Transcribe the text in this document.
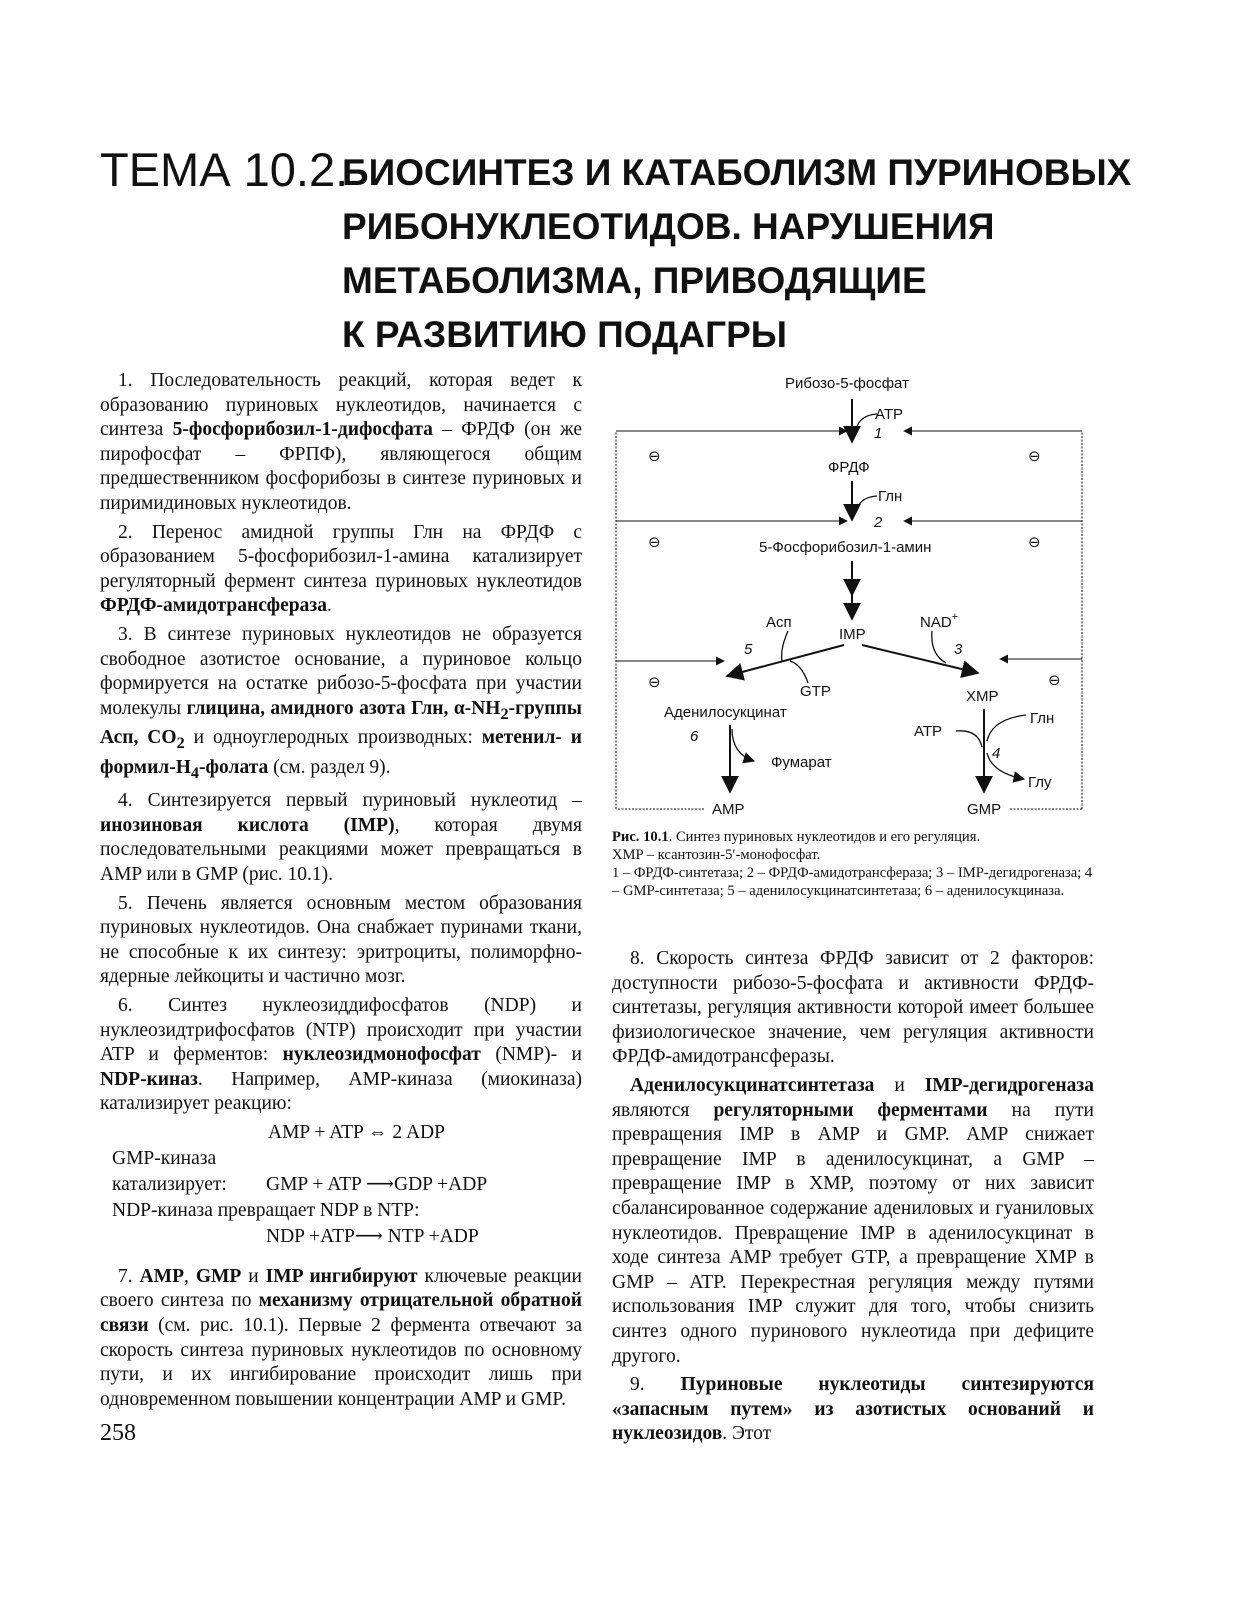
ТЕМА 10.2.
БИОСИНТЕЗ И КАТАБОЛИЗМ ПУРИНОВЫХ
РИБОНУКЛЕОТИДОВ. НАРУШЕНИЯ
МЕТАБОЛИЗМА, ПРИВОДЯЩИЕ
К РАЗВИТИЮ ПОДАГРЫ

1. Последовательность реакций, которая ведет к образованию пуриновых нуклеотидов, начинается с синтеза 5-фосфорибозил-1-дифосфата – ФРДФ (он же пирофосфат – ФРПФ), являющегося общим предшественником фосфорибозы в синтезе пуриновых и пиримидиновых нуклеотидов.

2. Перенос амидной группы Глн на ФРДФ с образованием 5-фосфорибозил-1-амина катализирует регуляторный фермент синтеза пуриновых нуклеотидов ФРДФ-амидотрансфераза.

3. В синтезе пуриновых нуклеотидов не образуется свободное азотистое основание, а пуриновое кольцо формируется на остатке рибозо-5-фосфата при участии молекулы глицина, амидного азота Глн, $\alpha-NH_2$-группы Асп, $СО_2$ и одноуглеродных производных: метенил- и формил-$Н_4$-фолата (см. раздел 9).

4. Синтезируется первый пуриновый нуклеотид – инозиновая кислота (IMP), которая двумя последовательными реакциями может превращаться в AMP или в GMP (рис. 10.1).

5. Печень является основным местом образования пуриновых нуклеотидов. Она снабжает пуринами ткани, не способные к их синтезу: эритроциты, полиморфно-ядерные лейкоциты и частично мозг.

6. Синтез нуклеозиддифосфатов (NDP) и нуклеозидтрифосфатов (NTP) происходит при участии ATP и ферментов: нуклеозидмонофосфат (NMP)- и NDP-киназ. Например, AMP-киназа (миокиназа) катализирует реакцию:

AMP + ATP ⇔ 2 ADP
GMP-киназа
катализирует: GMP + ATP ⟶GDP +ADP
NDP-киназа превращает NDP в NTP:
NDP +ATP⟶ NTP +ADP

7. AMP, GMP и IMP ингибируют ключевые реакции своего синтеза по механизму отрицательной обратной связи (см. рис. 10.1). Первые 2 фермента отвечают за скорость синтеза пуриновых нуклеотидов по основному пути, и их ингибирование происходит лишь при одновременном повышении концентрации AMP и GMP.

Рибозо-5-фосфат
ATP
1
ФРДФ
Глн
2
5-Фосфорибозил-1-амин
IMP
Асп	NAD+
5	3
GTP	XMP
Аденилосукцинат
6
Фумарат
ATP
Глн
4
Глу
AMP	GMP
⊖	⊖
⊖	⊖
⊖	⊖
Рис. 10.1. Синтез пуриновых нуклеотидов и его регуляция.
XMP – ксантозин-5′-монофосфат.
1 – ФРДФ-синтетаза; 2 – ФРДФ-амидотрансфераза; 3 – IMP-дегидрогеназа; 4 – GMP-синтетаза; 5 – аденилосукцинатсинтетаза; 6 – аденилосукциназа.

8. Скорость синтеза ФРДФ зависит от 2 факторов: доступности рибозо-5-фосфата и активности ФРДФ-синтетазы, регуляция активности которой имеет большее физиологическое значение, чем регуляция активности ФРДФ-амидотрансферазы.

Аденилосукцинатсинтетаза и IMP-дегидрогеназа являются регуляторными ферментами на пути превращения IMP в AMP и GMP. AMP снижает превращение IMP в аденилосукцинат, а GMP – превращение IMP в XMP, поэтому от них зависит сбалансированное содержание адениловых и гуаниловых нуклеотидов. Превращение IMP в аденилосукцинат в ходе синтеза AMP требует GTP, а превращение XMP в GMP – ATP. Перекрестная регуляция между путями использования IMP служит для того, чтобы снизить синтез одного пуринового нуклеотида при дефиците другого.

9. Пуриновые нуклеотиды синтезируются «запасным путем» из азотистых оснований и нуклеозидов. Этот

258
